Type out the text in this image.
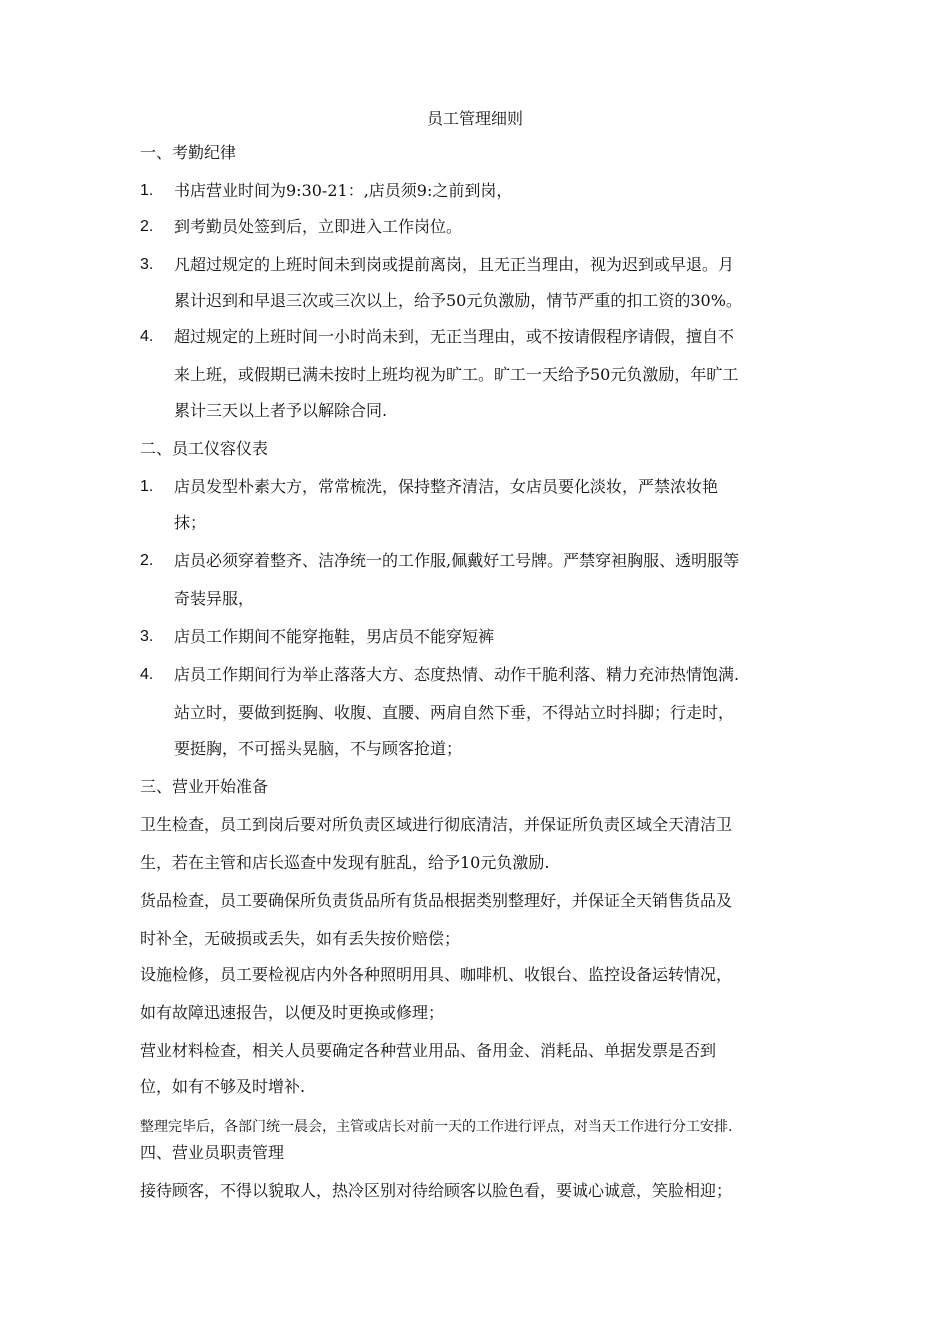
员工管理细则
一、考勤纪律
1. 书店营业时间为9:30-21：,店员须9:之前到岗，
2. 到考勤员处签到后，立即进入工作岗位。
3. 凡超过规定的上班时间未到岗或提前离岗，且无正当理由，视为迟到或早退。月
累计迟到和早退三次或三次以上，给予50元负激励，情节严重的扣工资的30%。
4. 超过规定的上班时间一小时尚未到，无正当理由，或不按请假程序请假，擅自不
来上班，或假期已满未按时上班均视为旷工。旷工一天给予50元负激励，年旷工
累计三天以上者予以解除合同.
二、员工仪容仪表
1. 店员发型朴素大方，常常梳洗，保持整齐清洁，女店员要化淡妆，严禁浓妆艳
抹；
2. 店员必须穿着整齐、洁净统一的工作服,佩戴好工号牌。严禁穿袒胸服、透明服等
奇装异服，
3. 店员工作期间不能穿拖鞋，男店员不能穿短裤
4. 店员工作期间行为举止落落大方、态度热情、动作干脆利落、精力充沛热情饱满.
站立时，要做到挺胸、收腹、直腰、两肩自然下垂，不得站立时抖脚；行走时，
要挺胸，不可摇头晃脑，不与顾客抢道；
三、营业开始准备
卫生检查，员工到岗后要对所负责区域进行彻底清洁，并保证所负责区域全天清洁卫
生，若在主管和店长巡查中发现有脏乱，给予10元负激励.
货品检查，员工要确保所负责货品所有货品根据类别整理好，并保证全天销售货品及
时补全，无破损或丢失，如有丢失按价赔偿；
设施检修，员工要检视店内外各种照明用具、咖啡机、收银台、监控设备运转情况，
如有故障迅速报告，以便及时更换或修理；
营业材料检查，相关人员要确定各种营业用品、备用金、消耗品、单据发票是否到
位，如有不够及时增补.
整理完毕后，各部门统一晨会，主管或店长对前一天的工作进行评点，对当天工作进行分工安排.
四、营业员职责管理
接待顾客，不得以貌取人，热冷区别对待给顾客以脸色看，要诚心诚意，笑脸相迎；
